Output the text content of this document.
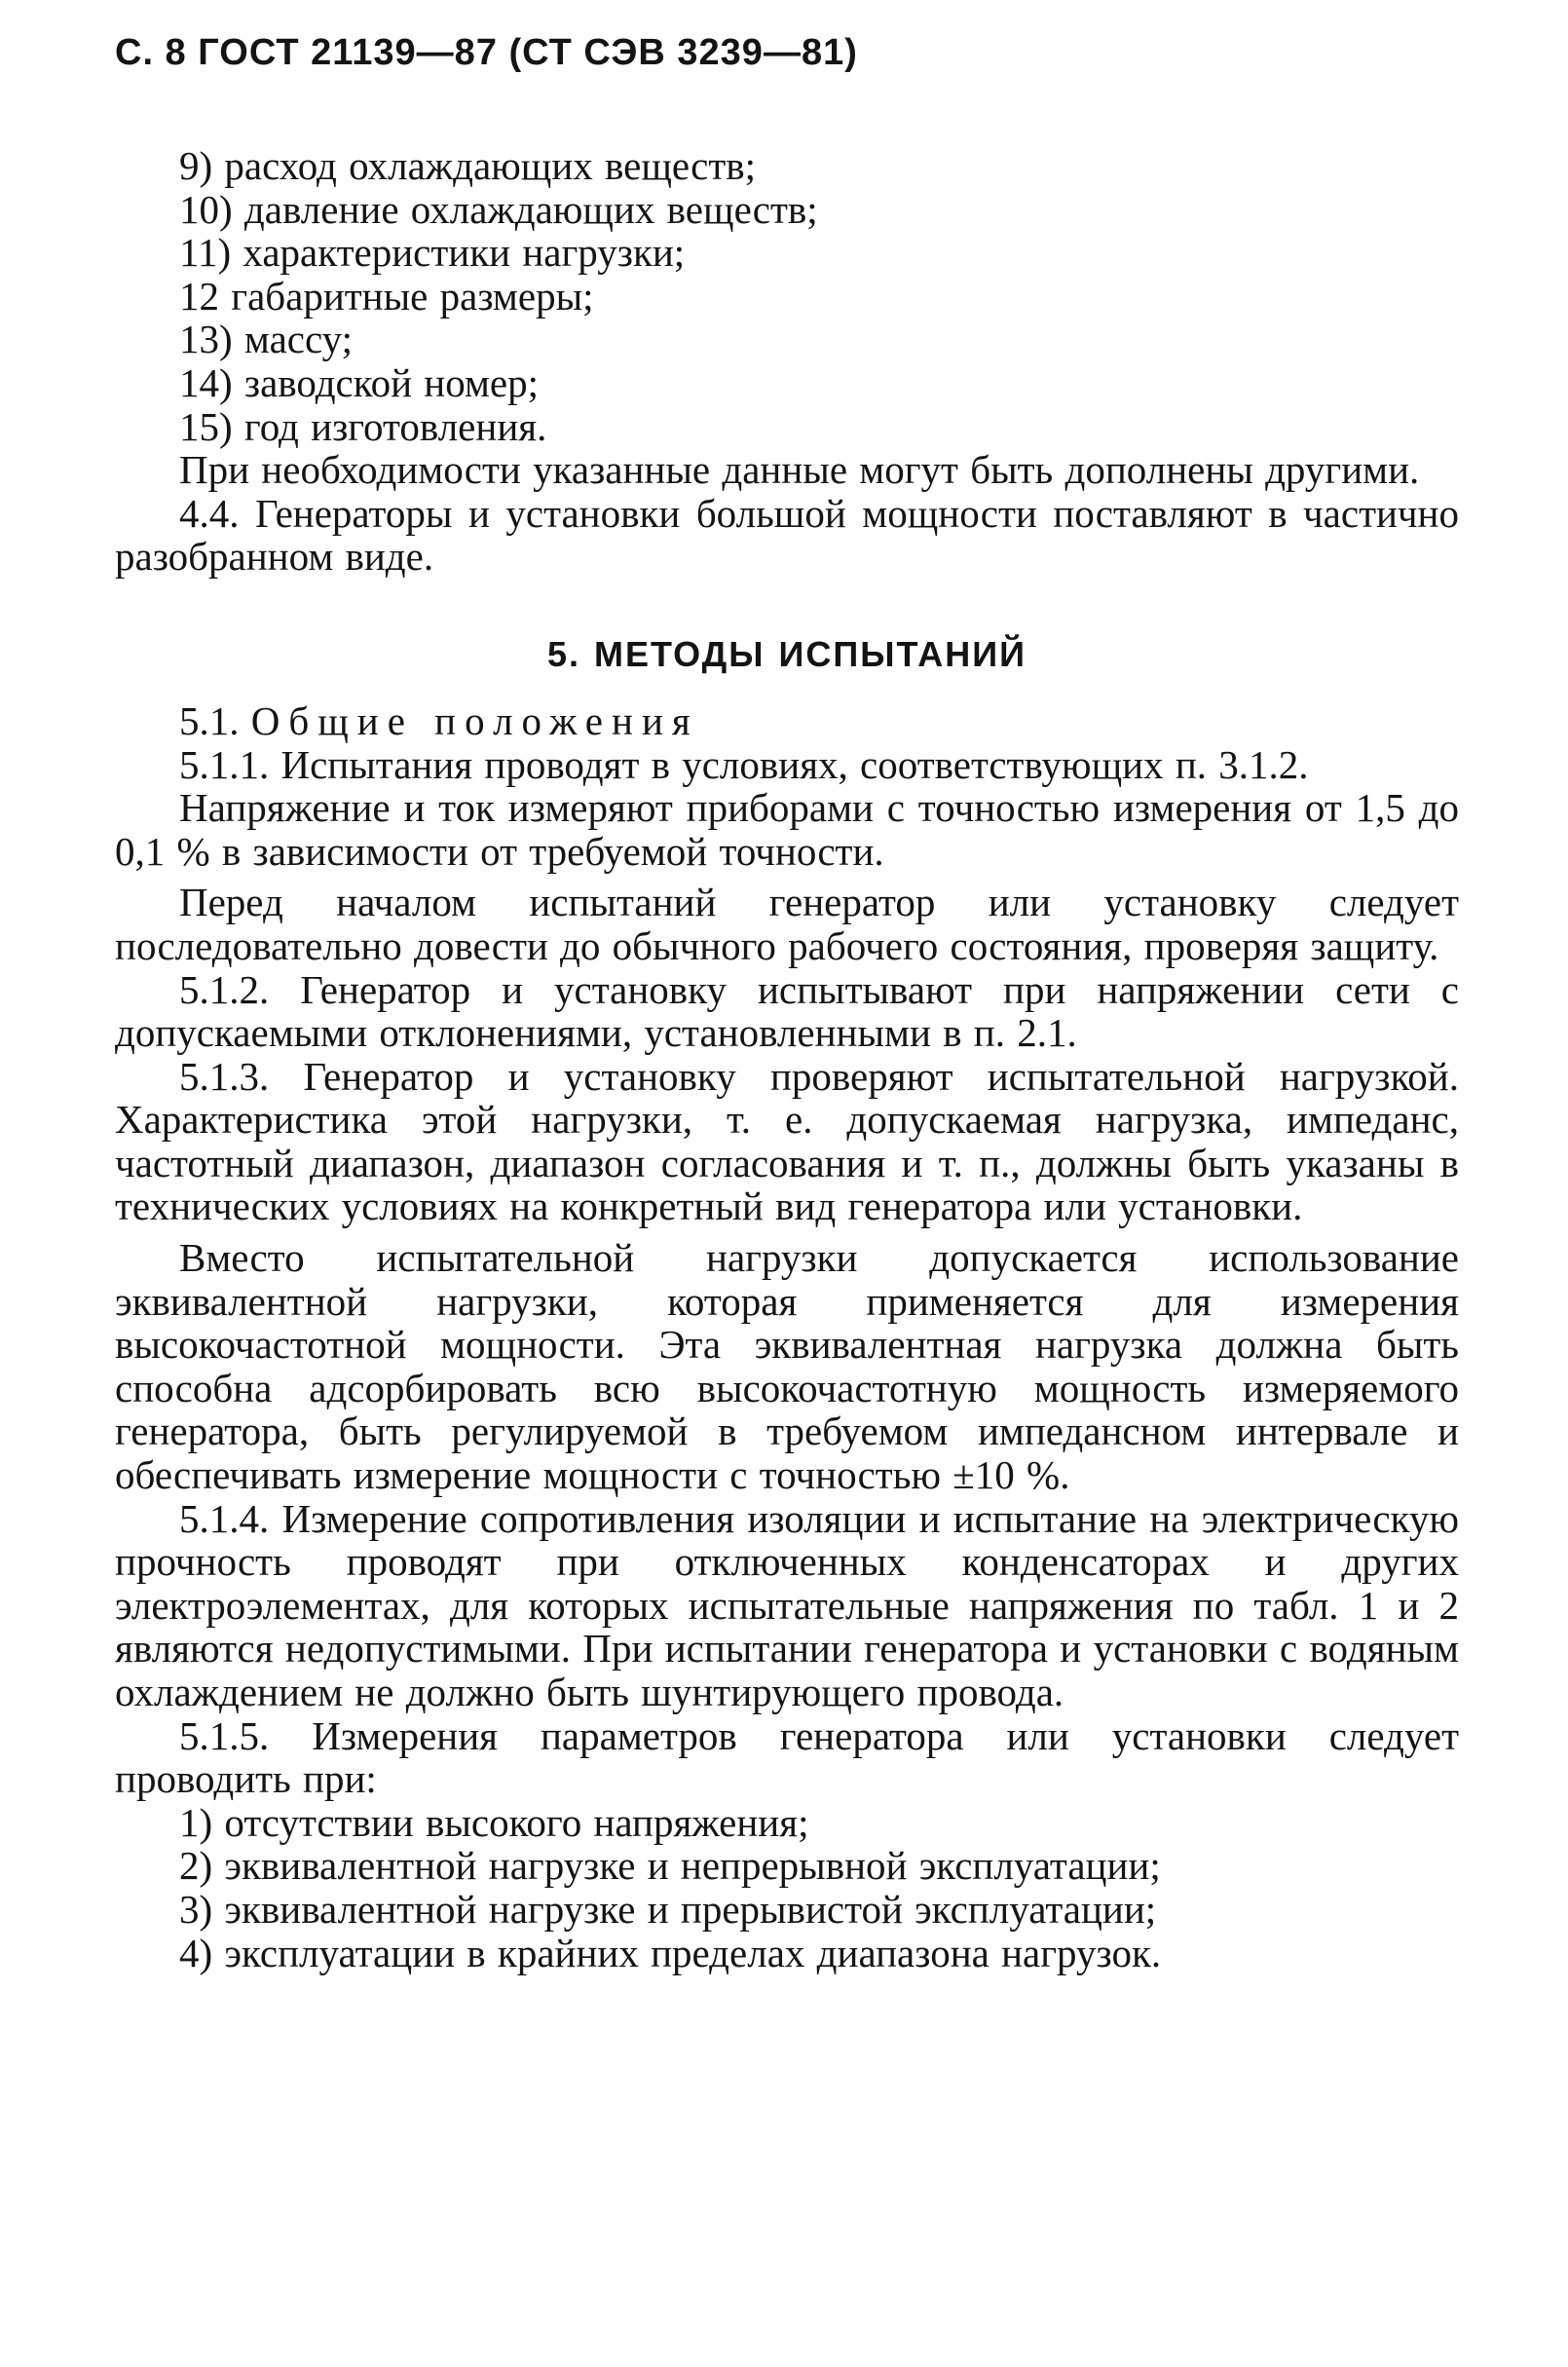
С. 8 ГОСТ 21139—87 (СТ СЭВ 3239—81)
9) расход охлаждающих веществ;
10) давление охлаждающих веществ;
11) характеристики нагрузки;
12 габаритные размеры;
13) массу;
14) заводской номер;
15) год изготовления.

При необходимости указанные данные могут быть дополнены другими.

4.4. Генераторы и установки большой мощности поставляют в частично разобранном виде.

5. МЕТОДЫ ИСПЫТАНИЙ
5.1. Общие положения

5.1.1. Испытания проводят в условиях, соответствующих п. 3.1.2.

Напряжение и ток измеряют приборами с точностью измерения от 1,5 до 0,1 % в зависимости от требуемой точности.

Перед началом испытаний генератор или установку следует последовательно довести до обычного рабочего состояния, проверяя защиту.

5.1.2. Генератор и установку испытывают при напряжении сети с допускаемыми отклонениями, установленными в п. 2.1.

5.1.3. Генератор и установку проверяют испытательной нагрузкой. Характеристика этой нагрузки, т. е. допускаемая нагрузка, импеданс, частотный диапазон, диапазон согласования и т. п., должны быть указаны в технических условиях на конкретный вид генератора или установки.

Вместо испытательной нагрузки допускается использование эквивалентной нагрузки, которая применяется для измерения высокочастотной мощности. Эта эквивалентная нагрузка должна быть способна адсорбировать всю высокочастотную мощность измеряемого генератора, быть регулируемой в требуемом импедансном интервале и обеспечивать измерение мощности с точностью ±10 %.

5.1.4. Измерение сопротивления изоляции и испытание на электрическую прочность проводят при отключенных конденсаторах и других электроэлементах, для которых испытательные напряжения по табл. 1 и 2 являются недопустимыми. При испытании генератора и установки с водяным охлаждением не должно быть шунтирующего провода.

5.1.5. Измерения параметров генератора или установки следует проводить при:

1) отсутствии высокого напряжения;
2) эквивалентной нагрузке и непрерывной эксплуатации;
3) эквивалентной нагрузке и прерывистой эксплуатации;
4) эксплуатации в крайних пределах диапазона нагрузок.
